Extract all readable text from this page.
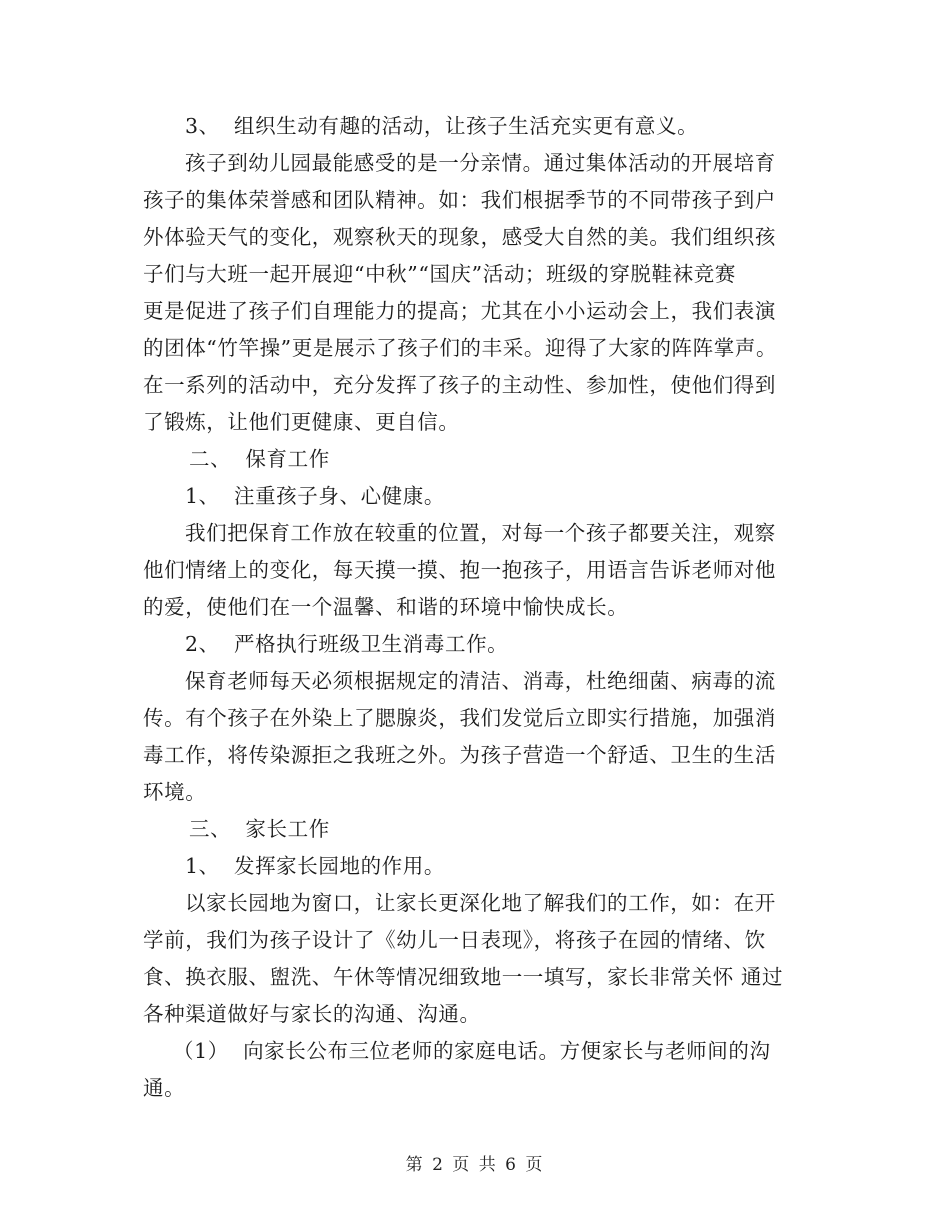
3、  组织生动有趣的活动，让孩子生活充实更有意义。
孩子到幼儿园最能感受的是一分亲情。通过集体活动的开展培育
孩子的集体荣誉感和团队精神。如：我们根据季节的不同带孩子到户
外体验天气的变化，观察秋天的现象，感受大自然的美。我们组织孩
子们与大班一起开展迎“中秋”“国庆”活动；班级的穿脱鞋袜竞赛
更是促进了孩子们自理能力的提高；尤其在小小运动会上，我们表演
的团体“竹竿操”更是展示了孩子们的丰采。迎得了大家的阵阵掌声。
在一系列的活动中，充分发挥了孩子的主动性、参加性，使他们得到
了锻炼，让他们更健康、更自信。
二、  保育工作
1、  注重孩子身、心健康。
我们把保育工作放在较重的位置，对每一个孩子都要关注，观察
他们情绪上的变化，每天摸一摸、抱一抱孩子，用语言告诉老师对他
的爱，使他们在一个温馨、和谐的环境中愉快成长。
2、  严格执行班级卫生消毒工作。
保育老师每天必须根据规定的清洁、消毒，杜绝细菌、病毒的流
传。有个孩子在外染上了腮腺炎，我们发觉后立即实行措施，加强消
毒工作，将传染源拒之我班之外。为孩子营造一个舒适、卫生的生活
环境。
三、  家长工作
1、  发挥家长园地的作用。
以家长园地为窗口，让家长更深化地了解我们的工作，如：在开
学前，我们为孩子设计了《幼儿一日表现》，将孩子在园的情绪、饮
食、换衣服、盥洗、午休等情况细致地一一填写，家长非常关怀 通过
各种渠道做好与家长的沟通、沟通。
（1）  向家长公布三位老师的家庭电话。方便家长与老师间的沟
通。
第 2 页 共 6 页
